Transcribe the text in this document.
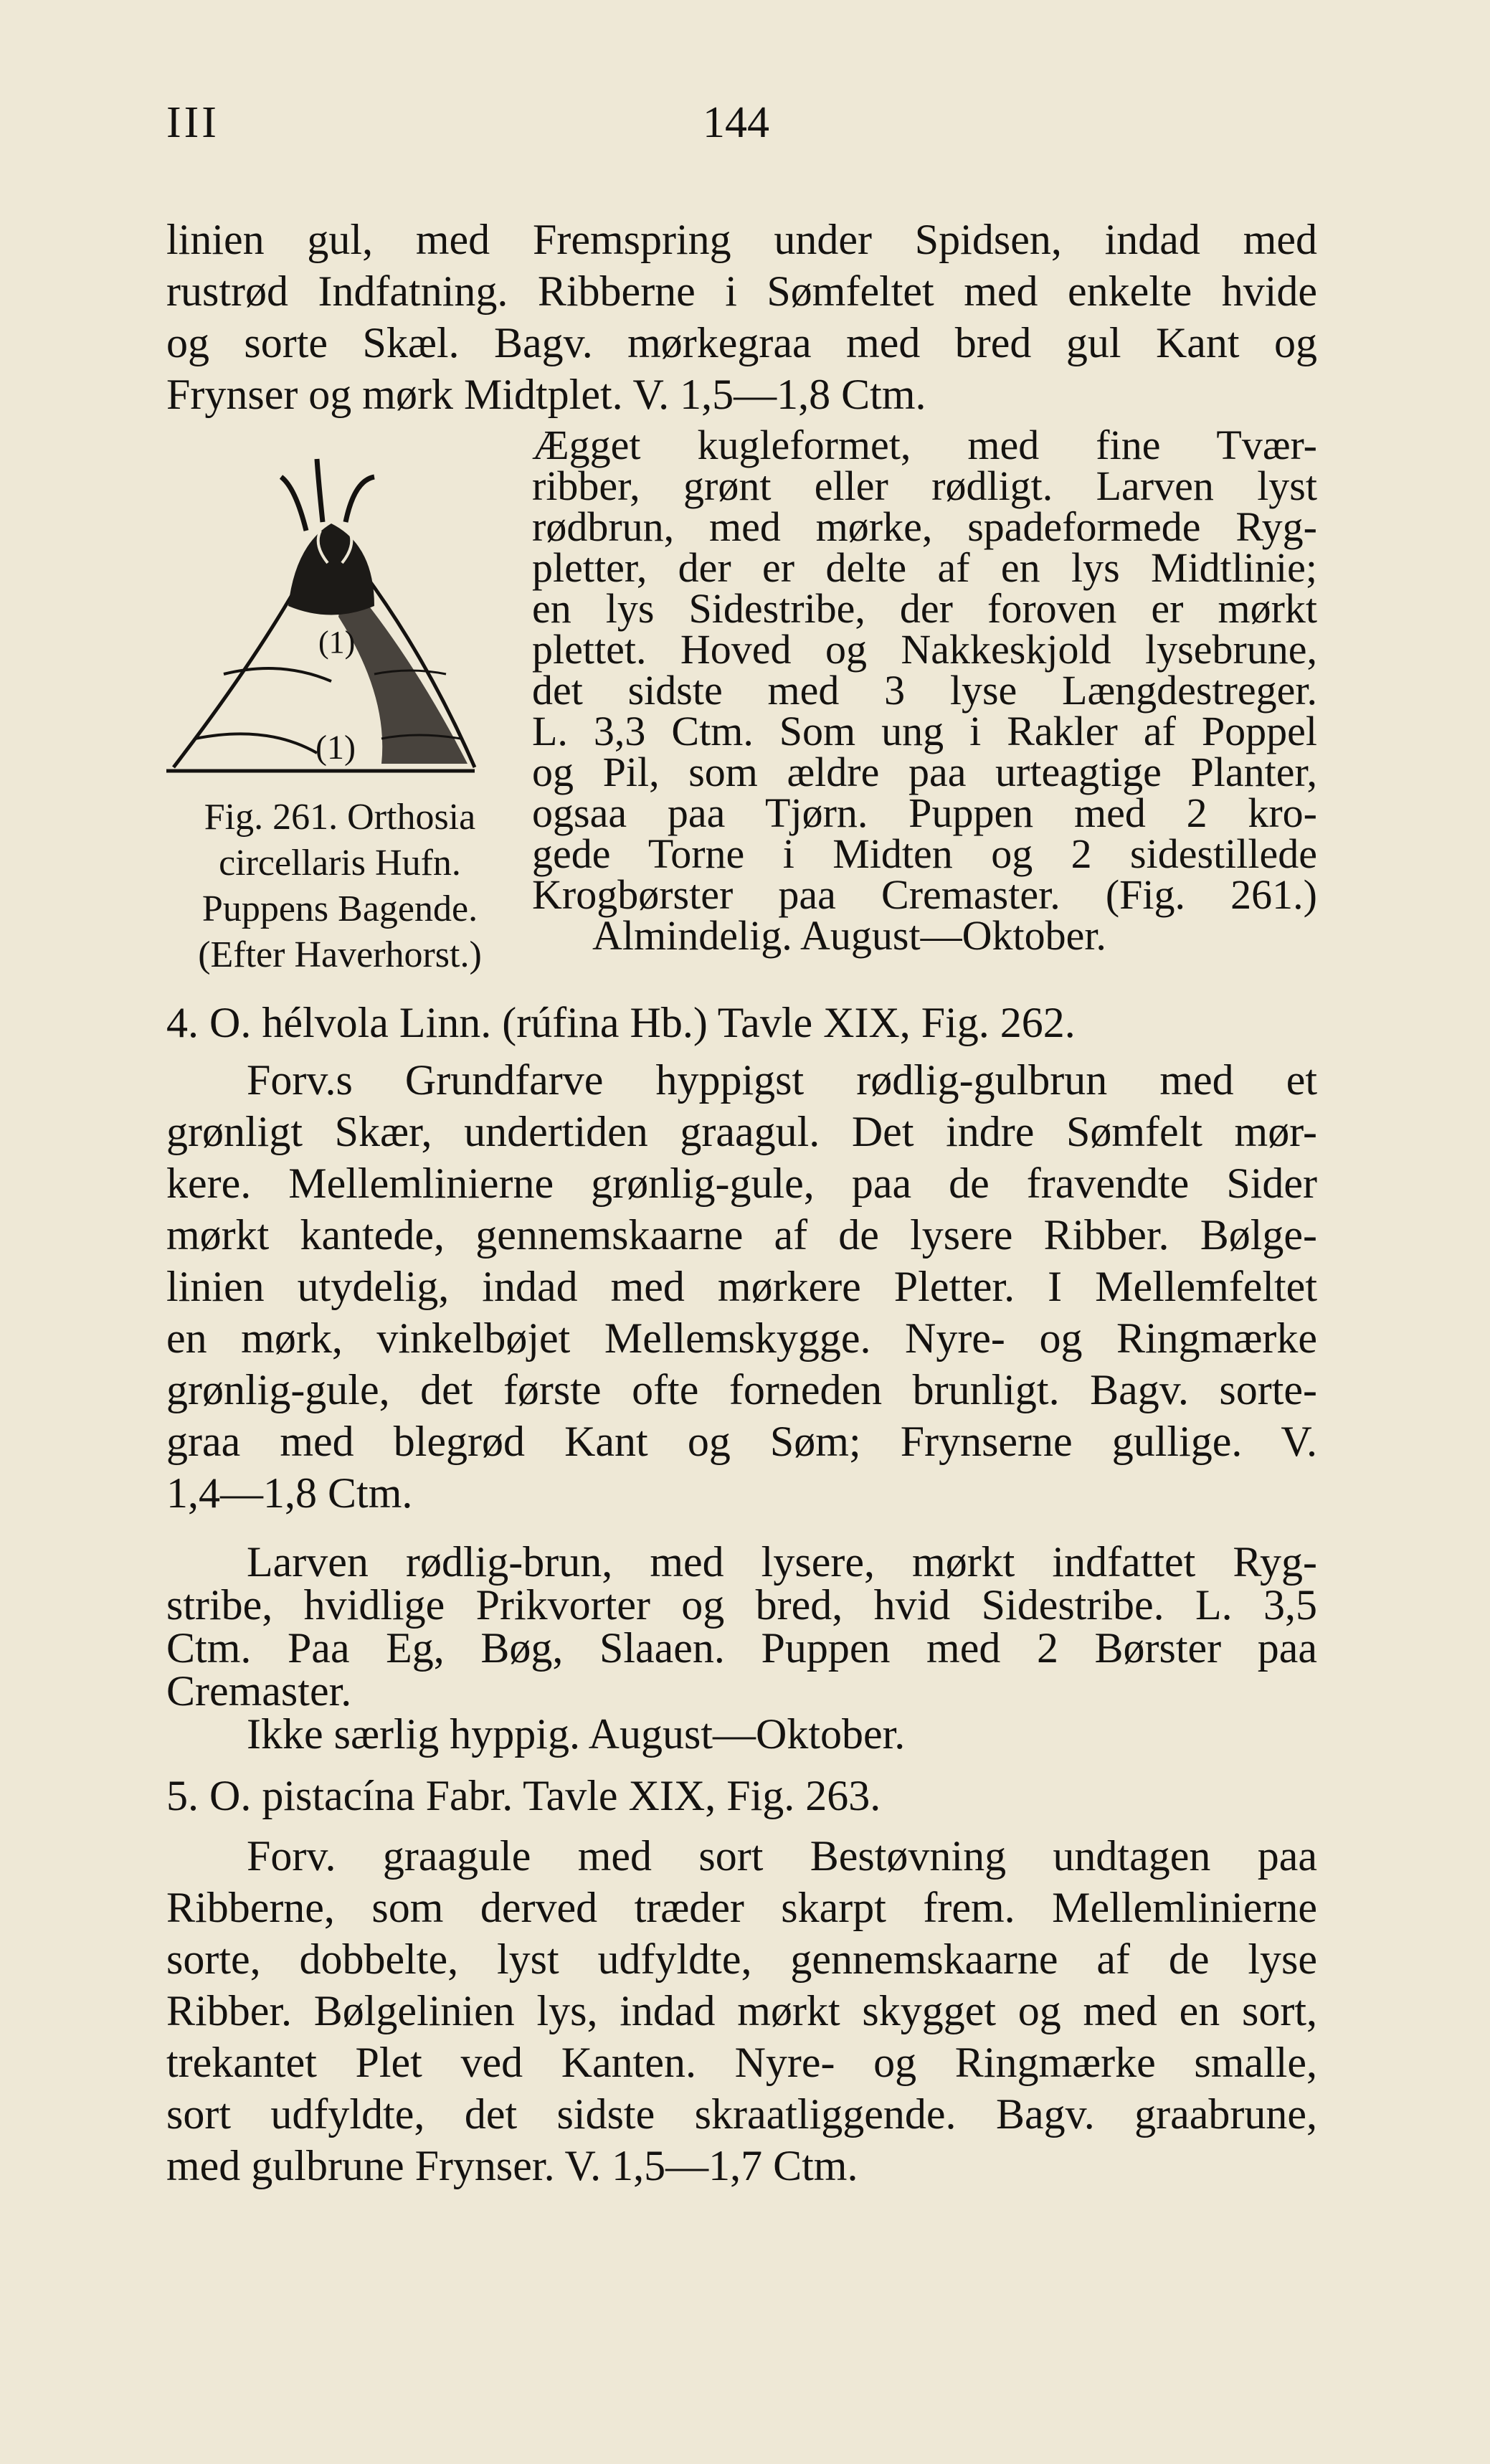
III	144
linien gul, med Fremspring under Spidsen, indad med
rustrød Indfatning. Ribberne i Sømfeltet med enkelte hvide
og sorte Skæl. Bagv. mørkegraa med bred gul Kant og
Frynser og mørk Midtplet. V. 1,5—1,8 Ctm.
(1)
(1)
Fig. 261. Orthosia
circellaris Hufn.
Puppens Bagende.
(Efter Haverhorst.)
Ægget kugleformet, med fine Tvær-
ribber, grønt eller rødligt. Larven lyst
rødbrun, med mørke, spadeformede Ryg-
pletter, der er delte af en lys Midtlinie;
en lys Sidestribe, der foroven er mørkt
plettet. Hoved og Nakkeskjold lysebrune,
det sidste med 3 lyse Længdestreger.
L. 3,3 Ctm. Som ung i Rakler af Poppel
og Pil, som ældre paa urteagtige Planter,
ogsaa paa Tjørn. Puppen med 2 kro-
gede Torne i Midten og 2 sidestillede
Krogbørster paa Cremaster. (Fig. 261.)
Almindelig. August—Oktober.
4. O. hélvola Linn. (rúfina Hb.) Tavle XIX, Fig. 262.
Forv.s Grundfarve hyppigst rødlig-gulbrun med et
grønligt Skær, undertiden graagul. Det indre Sømfelt mør-
kere. Mellemlinierne grønlig-gule, paa de fravendte Sider
mørkt kantede, gennemskaarne af de lysere Ribber. Bølge-
linien utydelig, indad med mørkere Pletter. I Mellemfeltet
en mørk, vinkelbøjet Mellemskygge. Nyre- og Ringmærke
grønlig-gule, det første ofte forneden brunligt. Bagv. sorte-
graa med blegrød Kant og Søm; Frynserne gullige. V.
1,4—1,8 Ctm.
Larven rødlig-brun, med lysere, mørkt indfattet Ryg-
stribe, hvidlige Prikvorter og bred, hvid Sidestribe. L. 3,5
Ctm. Paa Eg, Bøg, Slaaen. Puppen med 2 Børster paa
Cremaster.
Ikke særlig hyppig. August—Oktober.
5. O. pistacína Fabr. Tavle XIX, Fig. 263.
Forv. graagule med sort Bestøvning undtagen paa
Ribberne, som derved træder skarpt frem. Mellemlinierne
sorte, dobbelte, lyst udfyldte, gennemskaarne af de lyse
Ribber. Bølgelinien lys, indad mørkt skygget og med en sort,
trekantet Plet ved Kanten. Nyre- og Ringmærke smalle,
sort udfyldte, det sidste skraatliggende. Bagv. graabrune,
med gulbrune Frynser. V. 1,5—1,7 Ctm.
